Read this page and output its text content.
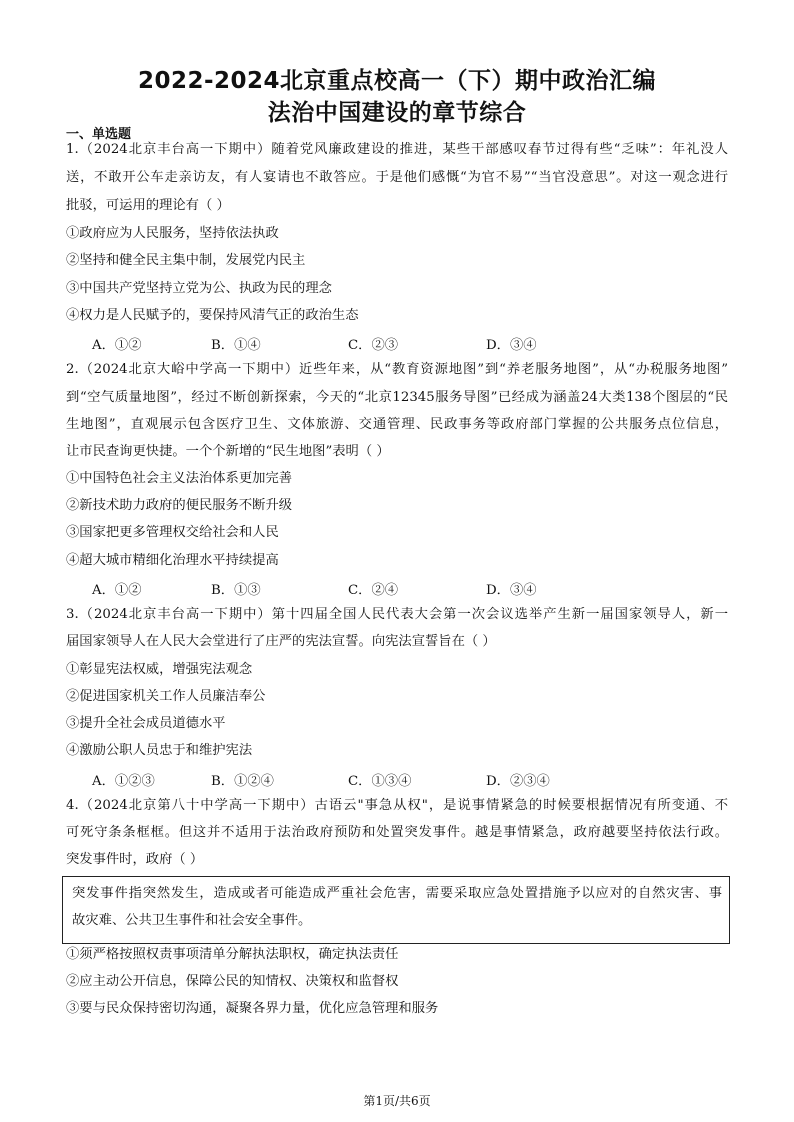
2022-2024北京重点校高一（下）期中政治汇编
法治中国建设的章节综合
一、单选题
1.（2024北京丰台高一下期中）随着党风廉政建设的推进，某些干部感叹春节过得有些“乏味”：年礼没人
送，不敢开公车走亲访友，有人宴请也不敢答应。于是他们感慨“为官不易”“当官没意思”。对这一观念进行
批驳，可运用的理论有（ ）
①政府应为人民服务，坚持依法执政
②坚持和健全民主集中制，发展党内民主
③中国共产党坚持立党为公、执政为民的理念
④权力是人民赋予的，要保持风清气正的政治生态
A．①②	B．①④	C．②③	D．③④
2.（2024北京大峪中学高一下期中）近些年来，从“教育资源地图”到“养老服务地图”，从“办税服务地图”
到“空气质量地图”，经过不断创新探索，今天的“北京12345服务导图”已经成为涵盖24大类138个图层的“民
生地图”，直观展示包含医疗卫生、文体旅游、交通管理、民政事务等政府部门掌握的公共服务点位信息，
让市民查询更快捷。一个个新增的“民生地图”表明（ ）
①中国特色社会主义法治体系更加完善
②新技术助力政府的便民服务不断升级
③国家把更多管理权交给社会和人民
④超大城市精细化治理水平持续提高
A．①②	B．①③	C．②④	D．③④
3.（2024北京丰台高一下期中）第十四届全国人民代表大会第一次会议选举产生新一届国家领导人，新一
届国家领导人在人民大会堂进行了庄严的宪法宣誓。向宪法宣誓旨在（ ）
①彰显宪法权威，增强宪法观念
②促进国家机关工作人员廉洁奉公
③提升全社会成员道德水平
④激励公职人员忠于和维护宪法
A．①②③	B．①②④	C．①③④	D．②③④
4.（2024北京第八十中学高一下期中）古语云"事急从权"，是说事情紧急的时候要根据情况有所变通、不
可死守条条框框。但这并不适用于法治政府预防和处置突发事件。越是事情紧急，政府越要坚持依法行政。
突发事件时，政府（ ）
突发事件指突然发生，造成或者可能造成严重社会危害，需要采取应急处置措施予以应对的自然灾害、事
故灾难、公共卫生事件和社会安全事件。
①须严格按照权责事项清单分解执法职权，确定执法责任
②应主动公开信息，保障公民的知情权、决策权和监督权
③要与民众保持密切沟通，凝聚各界力量，优化应急管理和服务
第1页/共6页
